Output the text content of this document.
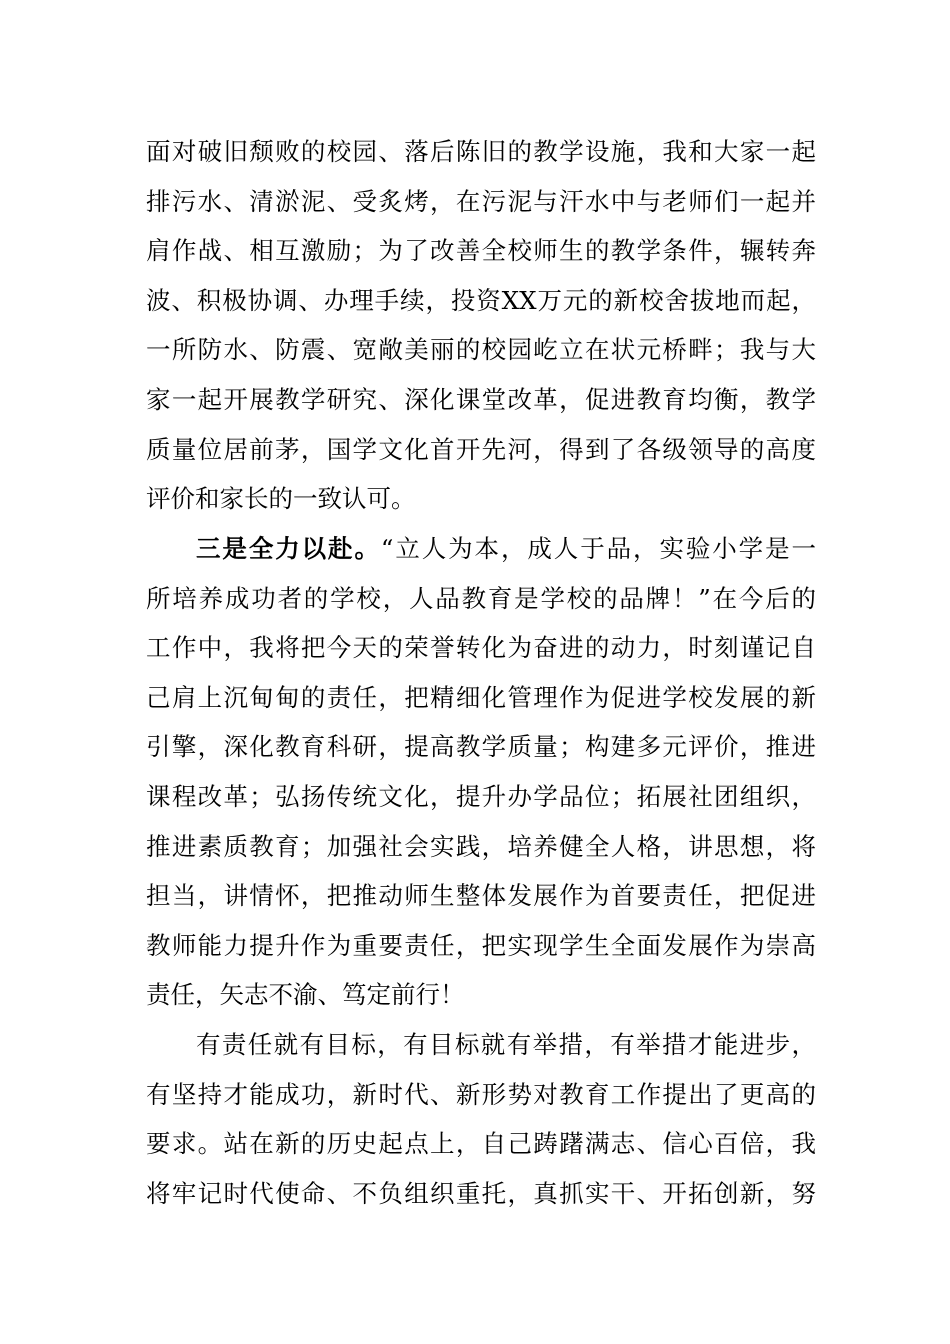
面对破旧颓败的校园、落后陈旧的教学设施，我和大家一起
排污水、清淤泥、受炙烤，在污泥与汗水中与老师们一起并
肩作战、相互激励；为了改善全校师生的教学条件，辗转奔
波、积极协调、办理手续，投资XX万元的新校舍拔地而起，
一所防水、防震、宽敞美丽的校园屹立在状元桥畔；我与大
家一起开展教学研究、深化课堂改革，促进教育均衡，教学
质量位居前茅，国学文化首开先河，得到了各级领导的高度
评价和家长的一致认可。
三是全力以赴。“立人为本，成人于品，实验小学是一
所培养成功者的学校，人品教育是学校的品牌！”在今后的
工作中，我将把今天的荣誉转化为奋进的动力，时刻谨记自
己肩上沉甸甸的责任，把精细化管理作为促进学校发展的新
引擎，深化教育科研，提高教学质量；构建多元评价，推进
课程改革；弘扬传统文化，提升办学品位；拓展社团组织，
推进素质教育；加强社会实践，培养健全人格，讲思想，将
担当，讲情怀，把推动师生整体发展作为首要责任，把促进
教师能力提升作为重要责任，把实现学生全面发展作为崇高
责任，矢志不渝、笃定前行！
有责任就有目标，有目标就有举措，有举措才能进步，
有坚持才能成功，新时代、新形势对教育工作提出了更高的
要求。站在新的历史起点上，自己踌躇满志、信心百倍，我
将牢记时代使命、不负组织重托，真抓实干、开拓创新，努
